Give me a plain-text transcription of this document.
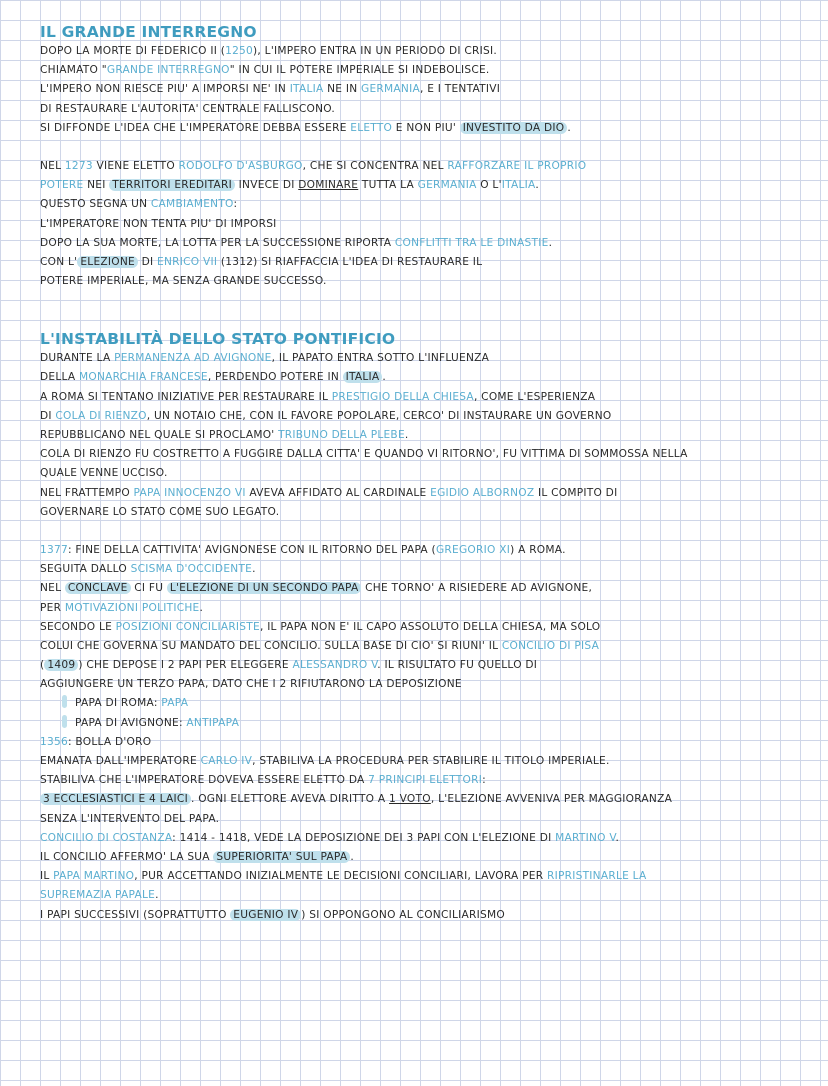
IL GRANDE INTERREGNO
DOPO LA MORTE DI FEDERICO II (1250), L'IMPERO ENTRA IN UN PERIODO DI CRISI.
CHIAMATO "GRANDE INTERREGNO" IN CUI IL POTERE IMPERIALE SI INDEBOLISCE.
L'IMPERO NON RIESCE PIU' A IMPORSI NE' IN ITALIA NE IN GERMANIA, E I TENTATIVI
DI RESTAURARE L'AUTORITA' CENTRALE FALLISCONO.
SI DIFFONDE L'IDEA CHE L'IMPERATORE DEBBA ESSERE ELETTO E NON PIU' INVESTITO DA DIO .
NEL 1273 VIENE ELETTO RODOLFO D'ASBURGO, CHE SI CONCENTRA NEL RAFFORZARE IL PROPRIO
POTERE NEI TERRITORI EREDITARI INVECE DI DOMINARE TUTTA LA GERMANIA O L'ITALIA.
QUESTO SEGNA UN CAMBIAMENTO:
L'IMPERATORE NON TENTA PIU' DI IMPORSI
DOPO LA SUA MORTE, LA LOTTA PER LA SUCCESSIONE RIPORTA CONFLITTI TRA LE DINASTIE.
CON L' ELEZIONE DI ENRICO VII (1312) SI RIAFFACCIA L'IDEA DI RESTAURARE IL
POTERE IMPERIALE, MA SENZA GRANDE SUCCESSO.
L'INSTABILITÀ DELLO STATO PONTIFICIO
DURANTE LA PERMANENZA AD AVIGNONE, IL PAPATO ENTRA SOTTO L'INFLUENZA
DELLA MONARCHIA FRANCESE, PERDENDO POTERE IN ITALIA .
A ROMA SI TENTANO INIZIATIVE PER RESTAURARE IL PRESTIGIO DELLA CHIESA, COME L'ESPERIENZA
DI COLA DI RIENZO, UN NOTAIO CHE, CON IL FAVORE POPOLARE, CERCO' DI INSTAURARE UN GOVERNO
REPUBBLICANO NEL QUALE SI PROCLAMO' TRIBUNO DELLA PLEBE.
COLA DI RIENZO FU COSTRETTO A FUGGIRE DALLA CITTA' E QUANDO VI RITORNO', FU VITTIMA DI SOMMOSSA NELLA
QUALE VENNE UCCISO.
NEL FRATTEMPO PAPA INNOCENZO VI AVEVA AFFIDATO AL CARDINALE EGIDIO ALBORNOZ IL COMPITO DI
GOVERNARE LO STATO COME SUO LEGATO.
1377: FINE DELLA CATTIVITA' AVIGNONESE CON IL RITORNO DEL PAPA (GREGORIO XI) A ROMA.
SEGUITA DALLO SCISMA D'OCCIDENTE.
NEL CONCLAVE CI FU L'ELEZIONE DI UN SECONDO PAPA CHE TORNO' A RISIEDERE AD AVIGNONE,
PER MOTIVAZIONI POLITICHE.
SECONDO LE POSIZIONI CONCILIARISTE, IL PAPA NON E' IL CAPO ASSOLUTO DELLA CHIESA, MA SOLO
COLUI CHE GOVERNA SU MANDATO DEL CONCILIO. SULLA BASE DI CIO' SI RIUNI' IL CONCILIO DI PISA
( 1409 ) CHE DEPOSE I 2 PAPI PER ELEGGERE ALESSANDRO V. IL RISULTATO FU QUELLO DI
AGGIUNGERE UN TERZO PAPA, DATO CHE I 2 RIFIUTARONO LA DEPOSIZIONE
PAPA DI ROMA: PAPA
PAPA DI AVIGNONE: ANTIPAPA
1356: BOLLA D'ORO
EMANATA DALL'IMPERATORE CARLO IV, STABILIVA LA PROCEDURA PER STABILIRE IL TITOLO IMPERIALE.
STABILIVA CHE L'IMPERATORE DOVEVA ESSERE ELETTO DA 7 PRINCIPI ELETTORI:
3 ECCLESIASTICI E 4 LAICI . OGNI ELETTORE AVEVA DIRITTO A 1 VOTO, L'ELEZIONE AVVENIVA PER MAGGIORANZA
SENZA L'INTERVENTO DEL PAPA.
CONCILIO DI COSTANZA: 1414 - 1418, VEDE LA DEPOSIZIONE DEI 3 PAPI CON L'ELEZIONE DI MARTINO V.
IL CONCILIO AFFERMO' LA SUA SUPERIORITA' SUL PAPA .
IL PAPA MARTINO, PUR ACCETTANDO INIZIALMENTE LE DECISIONI CONCILIARI, LAVORA PER RIPRISTINARLE LA
SUPREMAZIA PAPALE.
I PAPI SUCCESSIVI (SOPRATTUTTO EUGENIO IV ) SI OPPONGONO AL CONCILIARISMO
